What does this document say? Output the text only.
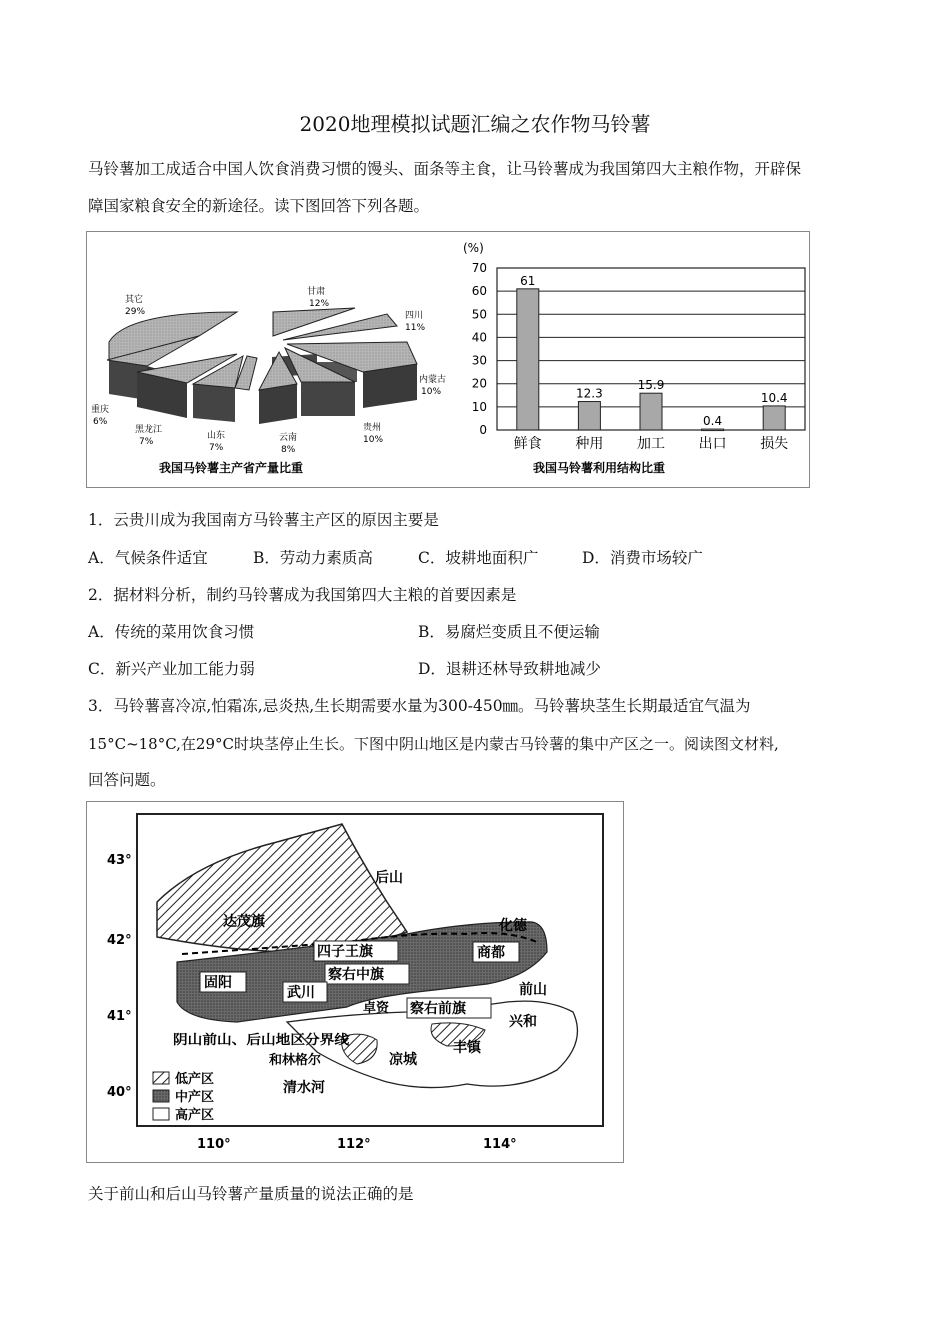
2020地理模拟试题汇编之农作物马铃薯
马铃薯加工成适合中国人饮食消费习惯的馒头、面条等主食，让马铃薯成为我国第四大主粮作物，开辟保
障国家粮食安全的新途径。读下图回答下列各题。
其它
29%
甘肃
12%
四川
11%
内蒙古
10%
贵州
10%
云南
8%
山东
7%
黑龙江
7%
重庆
6%
我国马铃薯主产省产量比重
(%)
0
10
20
30
40
50
60
70
61
12.3
15.9
0.4
10.4
鲜食 种用 加工 出口 损失
我国马铃薯利用结构比重
1．云贵川成为我国南方马铃薯主产区的原因主要是
A．气候条件适宜	B．劳动力素质高	C．坡耕地面积广	D．消费市场较广
2．据材料分析，制约马铃薯成为我国第四大主粮的首要因素是
A．传统的菜用饮食习惯	B．易腐烂变质且不便运输
C．新兴产业加工能力弱	D．退耕还林导致耕地减少
3．马铃薯喜冷凉,怕霜冻,忌炎热,生长期需要水量为300-450㎜。马铃薯块茎生长期最适宜气温为
15°C~18°C,在29°C时块茎停止生长。下图中阴山地区是内蒙古马铃薯的集中产区之一。阅读图文材料,
回答问题。
43°
42°
41°
40°
110°	112°	114°
后山
达茂旗	化德
四子王旗	商都
察右中旗
固阳	前山
武川
卓资 察右前旗
兴和
阴山前山、后山地区分界线
和林格尔	凉城
丰镇
清水河
低产区
中产区
高产区
关于前山和后山马铃薯产量质量的说法正确的是
